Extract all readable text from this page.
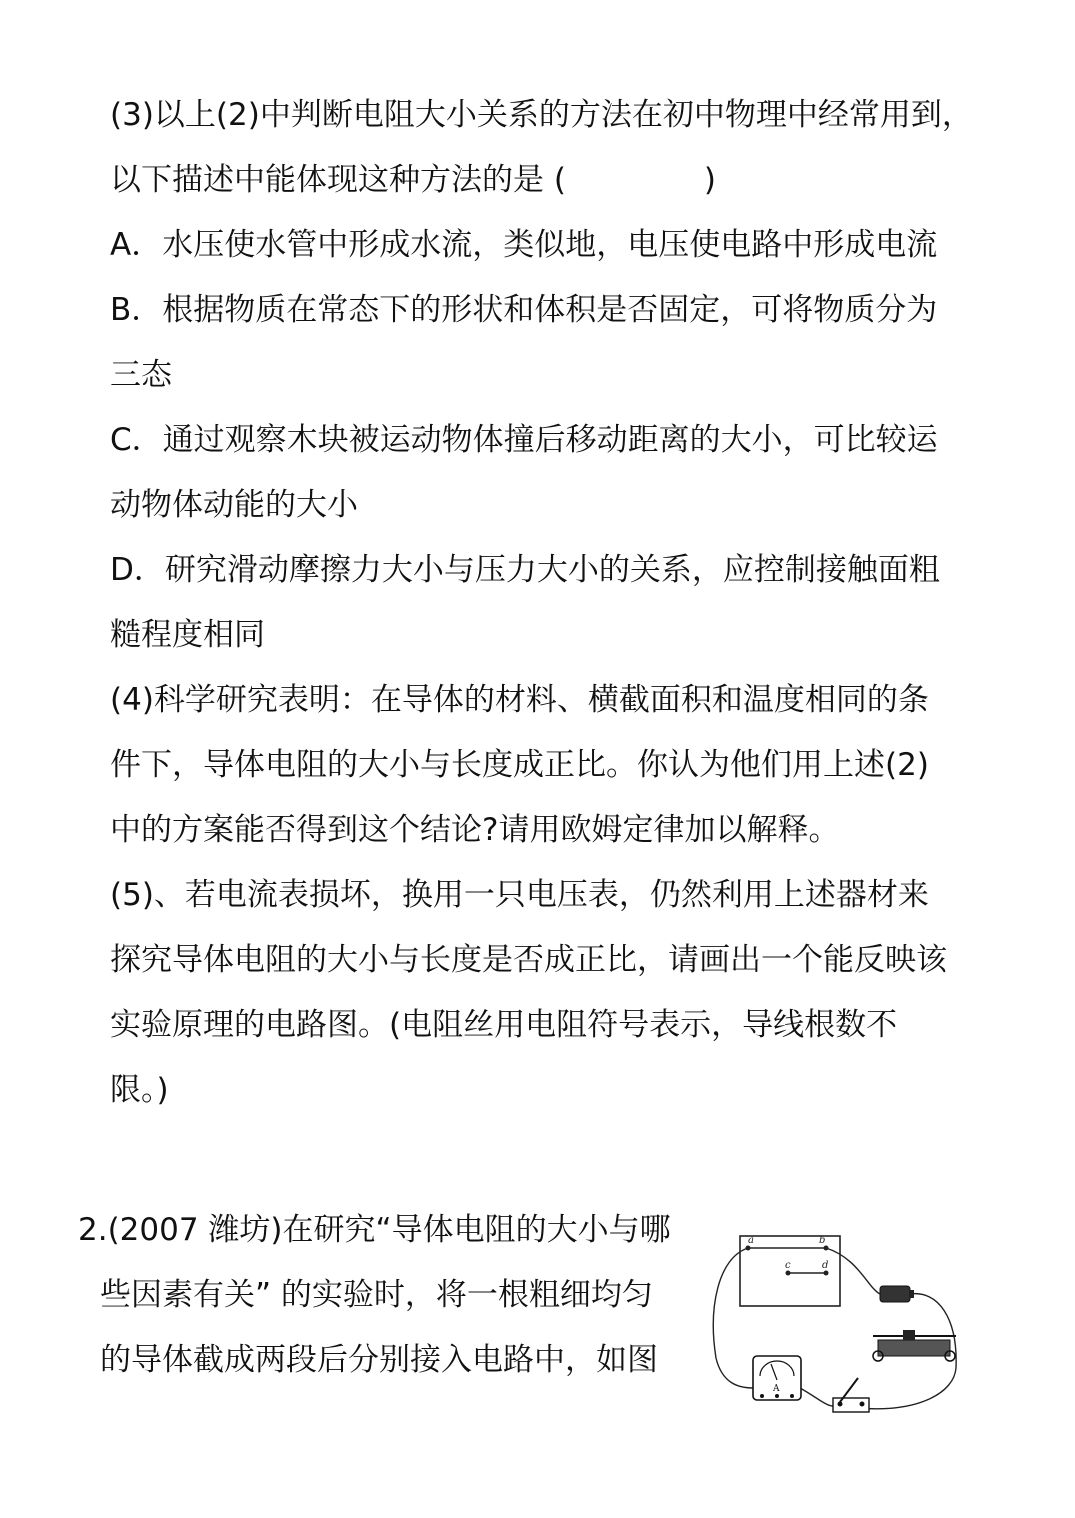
(3)以上(2)中判断电阻大小关系的方法在初中物理中经常用到，
以下描述中能体现这种方法的是 (              )
A．水压使水管中形成水流，类似地，电压使电路中形成电流
B．根据物质在常态下的形状和体积是否固定，可将物质分为
三态
C．通过观察木块被运动物体撞后移动距离的大小，可比较运
动物体动能的大小
D．研究滑动摩擦力大小与压力大小的关系，应控制接触面粗
糙程度相同
(4)科学研究表明：在导体的材料、横截面积和温度相同的条
件下，导体电阻的大小与长度成正比。你认为他们用上述(2)
中的方案能否得到这个结论?请用欧姆定律加以解释。
(5)、若电流表损坏，换用一只电压表，仍然利用上述器材来
探究导体电阻的大小与长度是否成正比，请画出一个能反映该
实验原理的电路图。(电阻丝用电阻符号表示，导线根数不
限。)
2.(2007 潍坊)在研究“导体电阻的大小与哪
些因素有关” 的实验时，将一根粗细均匀
的导体截成两段后分别接入电路中，如图
a	b
c	d
A
